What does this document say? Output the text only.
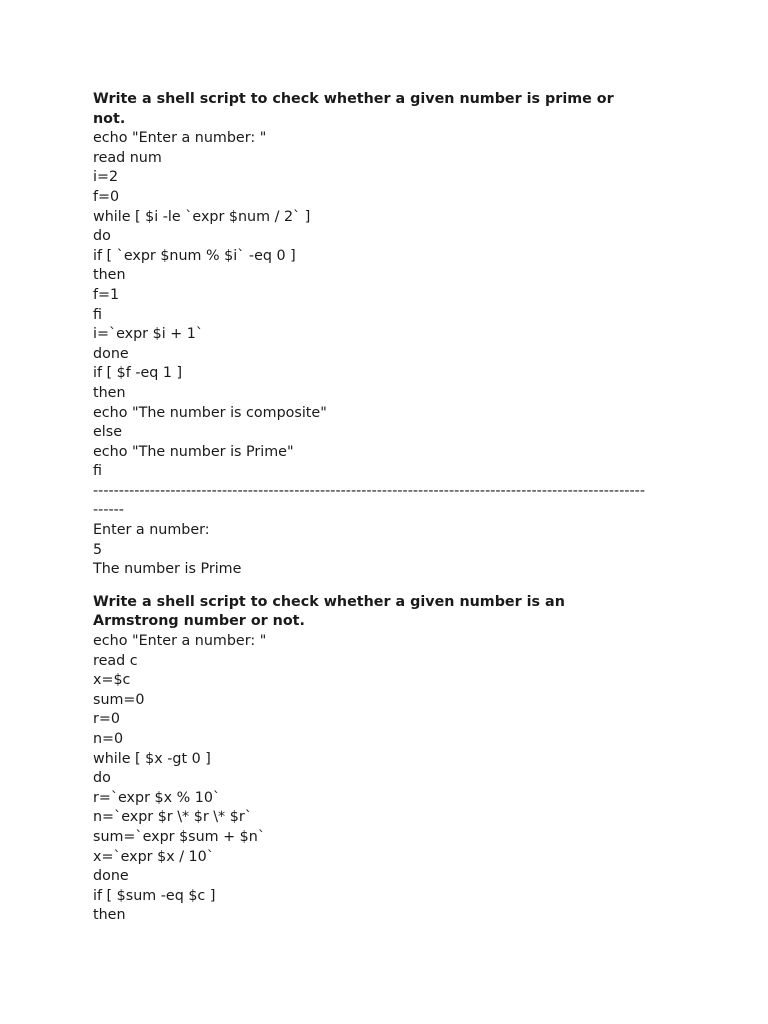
Write a shell script to check whether a given number is prime or
not.
echo "Enter a number: "
read num
i=2
f=0
while [ $i -le `expr $num / 2` ]
do
if [ `expr $num % $i` -eq 0 ]
then
f=1
fi
i=`expr $i + 1`
done
if [ $f -eq 1 ]
then
echo "The number is composite"
else
echo "The number is Prime"
fi
-----------------------------------------------------------------------------------------------------------
------
Enter a number:
5
The number is Prime
Write a shell script to check whether a given number is an
Armstrong number or not.
echo "Enter a number: "
read c
x=$c
sum=0
r=0
n=0
while [ $x -gt 0 ]
do
r=`expr $x % 10`
n=`expr $r \* $r \* $r`
sum=`expr $sum + $n`
x=`expr $x / 10`
done
if [ $sum -eq $c ]
then
